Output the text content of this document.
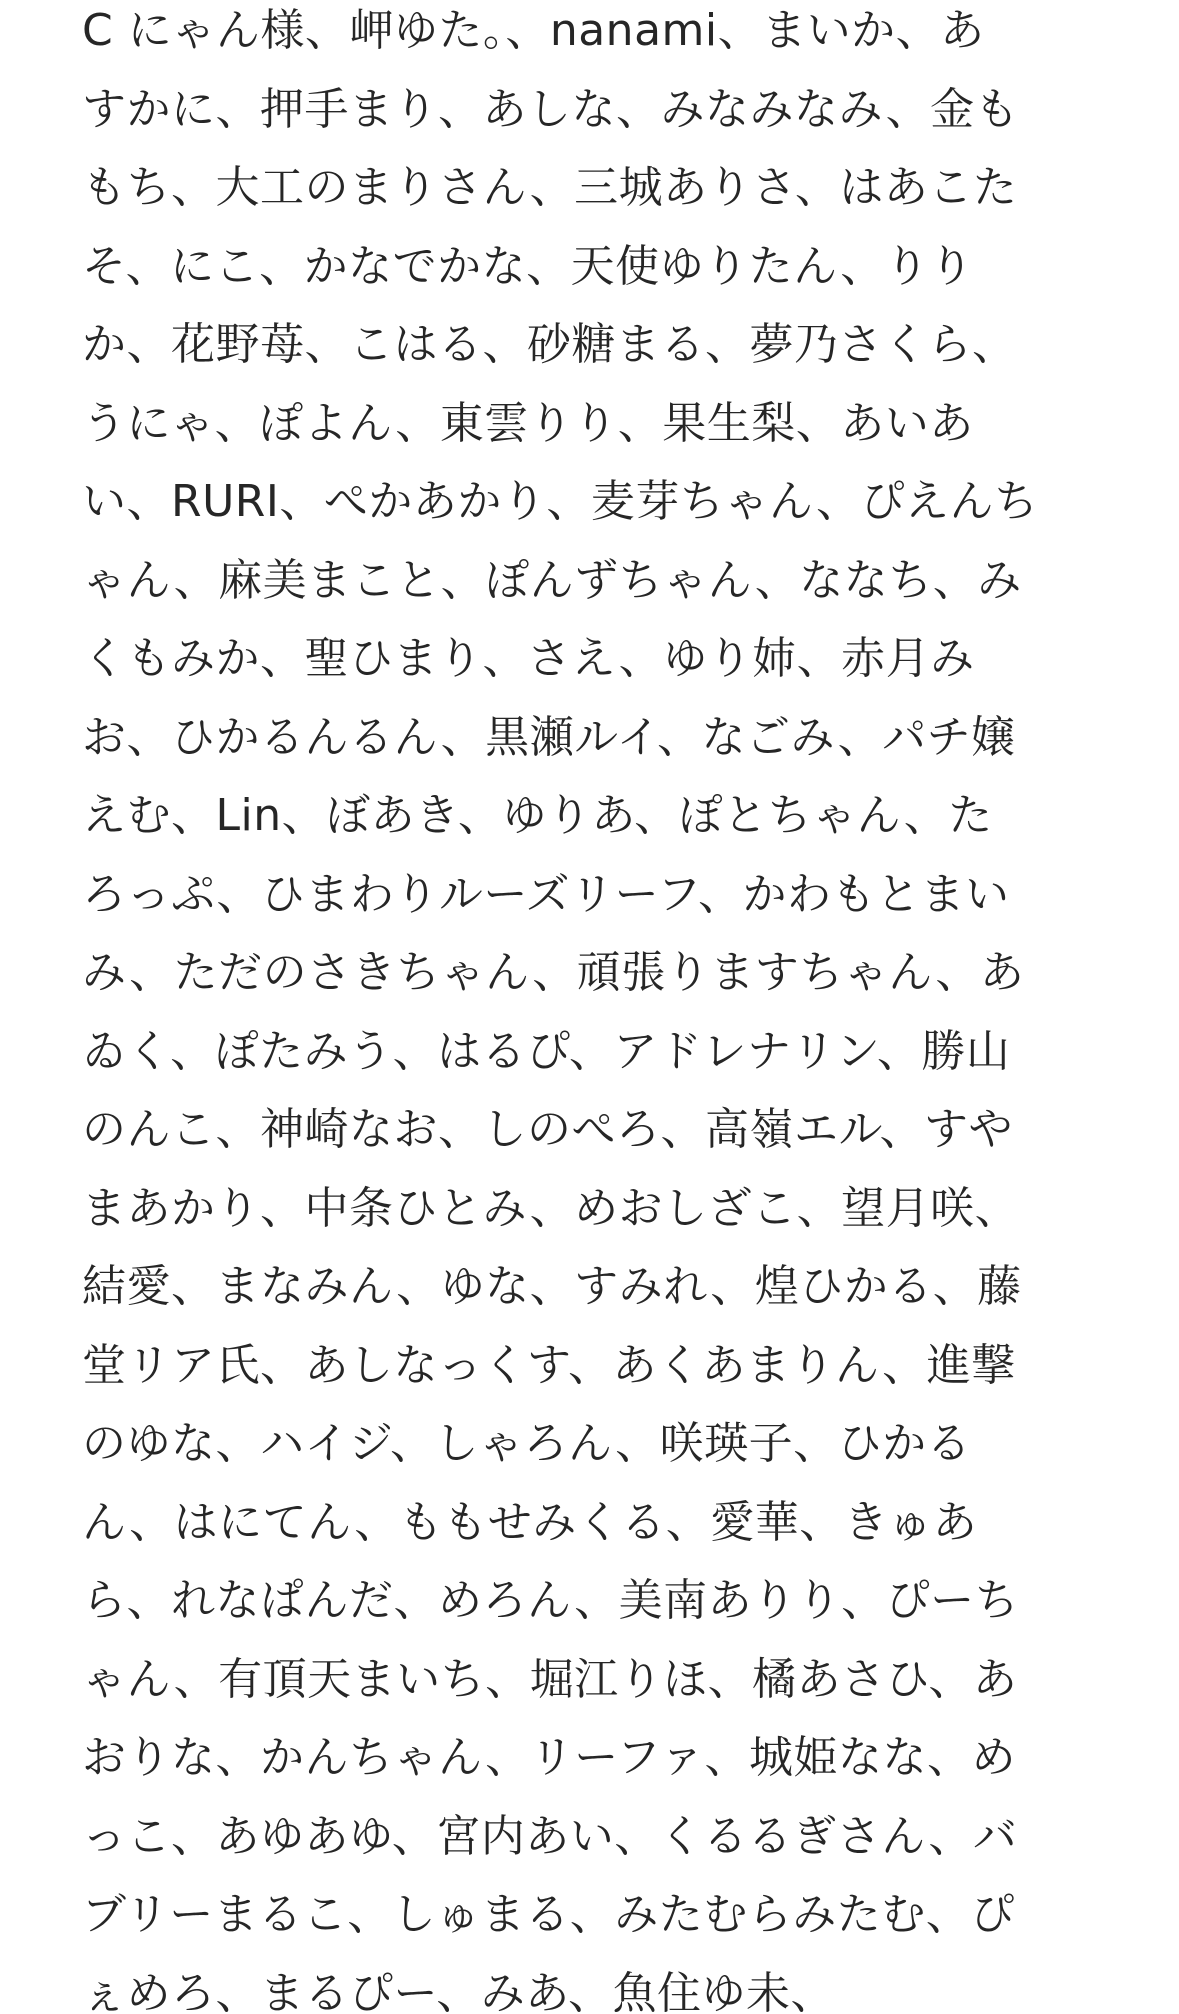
C にゃん様、岬ゆた。、nanami、まいか、あ
すかに、押手まり、あしな、みなみなみ、金も
もち、大工のまりさん、三城ありさ、はあこた
そ、にこ、かなでかな、天使ゆりたん、りり
か、花野苺、こはる、砂糖まる、夢乃さくら、
うにゃ、ぽよん、東雲りり、果生梨、あいあ
い、RURI、ぺかあかり、麦芽ちゃん、ぴえんち
ゃん、麻美まこと、ぽんずちゃん、ななち、み
くもみか、聖ひまり、さえ、ゆり姉、赤月み
お、ひかるんるん、黒瀬ルイ、なごみ、パチ嬢
えむ、Lin、ぼあき、ゆりあ、ぽとちゃん、た
ろっぷ、ひまわりルーズリーフ、かわもとまい
み、ただのさきちゃん、頑張りますちゃん、あ
ゐく、ぽたみう、はるぴ、アドレナリン、勝山
のんこ、神崎なお、しのぺろ、高嶺エル、すや
まあかり、中条ひとみ、めおしざこ、望月咲、
結愛、まなみん、ゆな、すみれ、煌ひかる、藤
堂リア氏、あしなっくす、あくあまりん、進撃
のゆな、ハイジ、しゃろん、咲瑛子、ひかる
ん、はにてん、ももせみくる、愛華、きゅあ
ら、れなぱんだ、めろん、美南ありり、ぴーち
ゃん、有頂天まいち、堀江りほ、橘あさひ、あ
おりな、かんちゃん、リーファ、城姫なな、め
っこ、あゆあゆ、宮内あい、くるるぎさん、バ
ブリーまるこ、しゅまる、みたむらみたむ、ぴ
ぇめろ、まるぴー、みあ、魚住ゆ未、
